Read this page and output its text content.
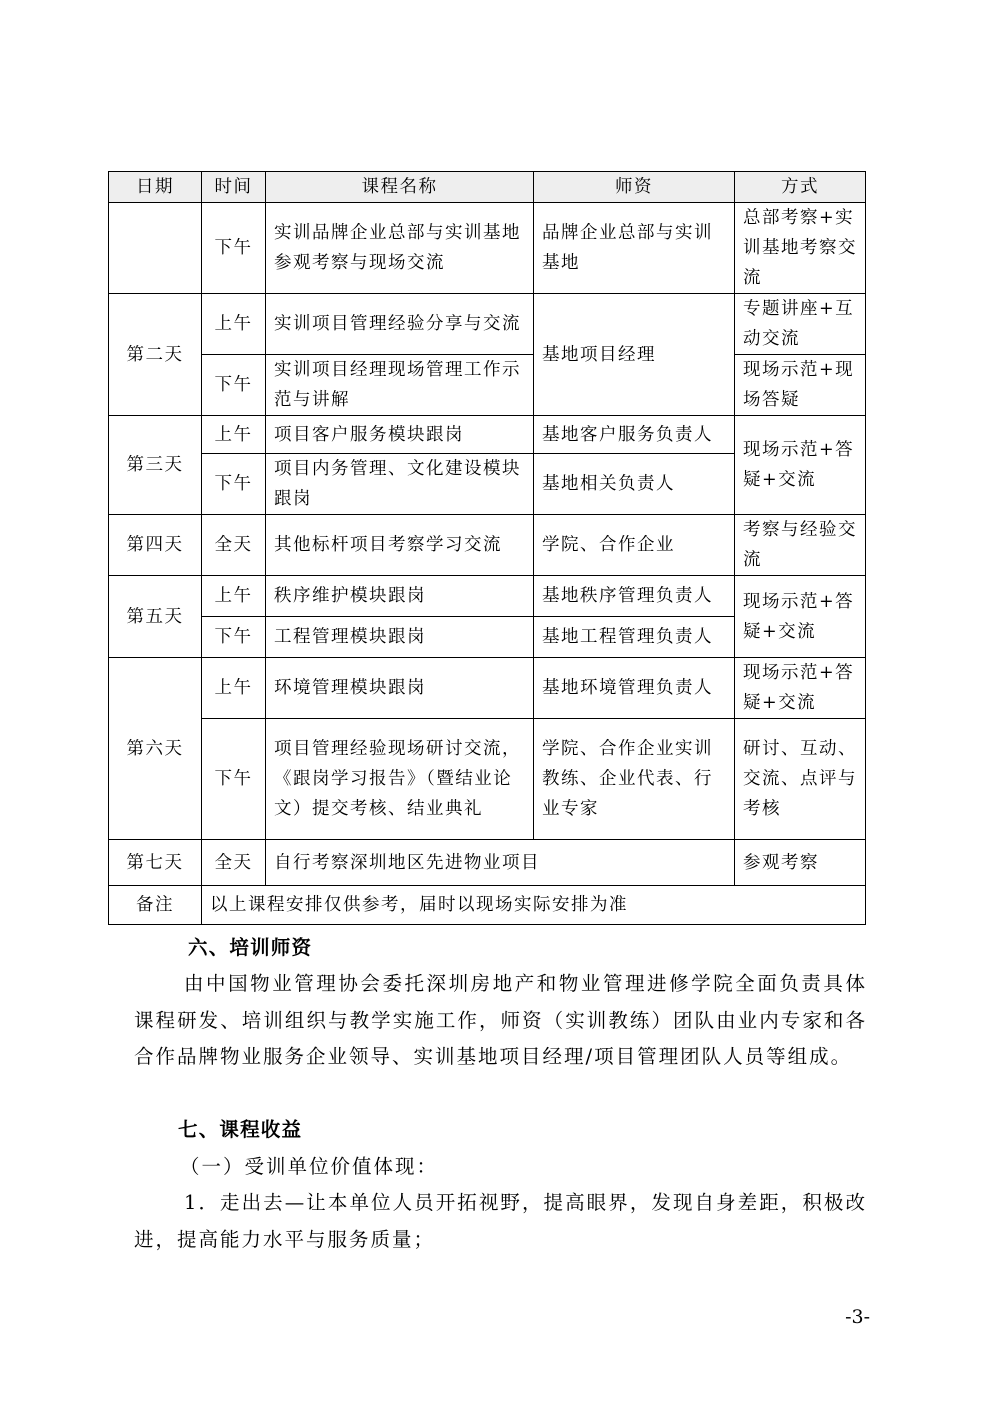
日期	时间	课程名称	师资	方式
	下午	实训品牌企业总部与实训基地参观考察与现场交流	品牌企业总部与实训基地	总部考察+实训基地考察交流
第二天	上午	实训项目管理经验分享与交流	基地项目经理	专题讲座+互动交流
	下午	实训项目经理现场管理工作示范与讲解		现场示范+现场答疑
第三天	上午	项目客户服务模块跟岗	基地客户服务负责人	现场示范+答疑+交流
	下午	项目内务管理、文化建设模块跟岗	基地相关负责人	
第四天	全天	其他标杆项目考察学习交流	学院、合作企业	考察与经验交流
第五天	上午	秩序维护模块跟岗	基地秩序管理负责人	现场示范+答疑+交流
	下午	工程管理模块跟岗	基地工程管理负责人	
第六天	上午	环境管理模块跟岗	基地环境管理负责人	现场示范+答疑+交流
	下午	项目管理经验现场研讨交流，《跟岗学习报告》（暨结业论文）提交考核、结业典礼	学院、合作企业实训教练、企业代表、行业专家	研讨、互动、交流、点评与考核
第七天	全天	自行考察深圳地区先进物业项目		参观考察
备注	以上课程安排仅供参考，届时以现场实际安排为准			
六、培训师资
由中国物业管理协会委托深圳房地产和物业管理进修学院全面负责具体课程研发、培训组织与教学实施工作，师资（实训教练）团队由业内专家和各合作品牌物业服务企业领导、实训基地项目经理/项目管理团队人员等组成。
七、课程收益
（一）受训单位价值体现：
1．走出去—让本单位人员开拓视野，提高眼界，发现自身差距，积极改进，提高能力水平与服务质量；
-3-
